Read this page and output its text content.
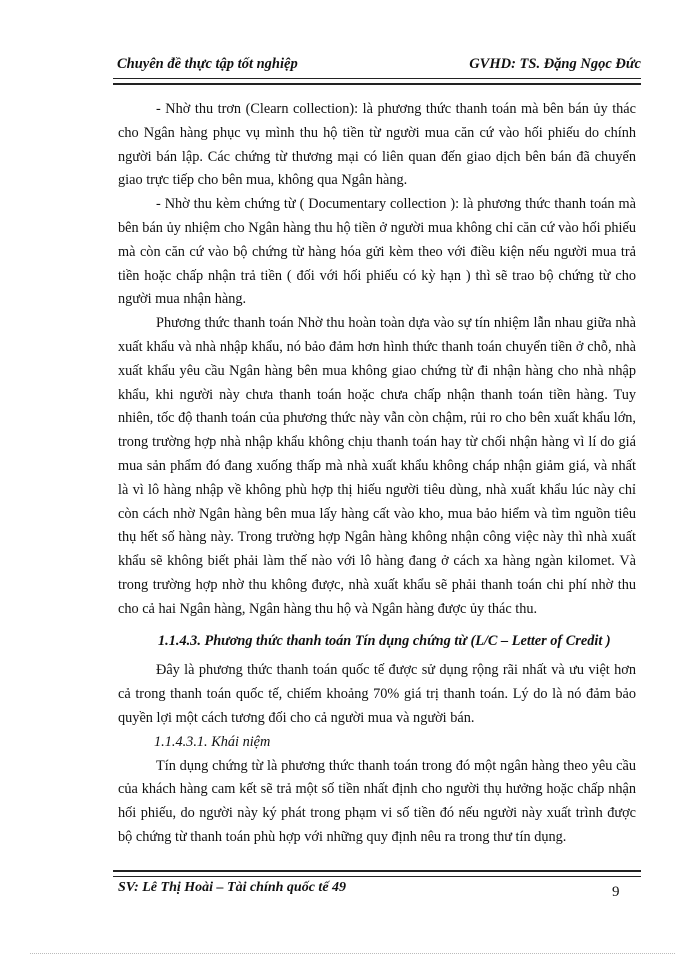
Chuyên đề thực tập tốt nghiệp	GVHD: TS. Đặng Ngọc Đức

- Nhờ thu trơn (Clearn collection): là phương thức thanh toán mà bên bán ủy thác cho Ngân hàng phục vụ mình thu hộ tiền từ người mua căn cứ vào hối phiếu do chính người bán lập. Các chứng từ thương mại có liên quan đến giao dịch bên bán đã chuyển giao trực tiếp cho bên mua, không qua Ngân hàng.

- Nhờ thu kèm chứng từ ( Documentary collection ): là phương thức thanh toán mà bên bán ủy nhiệm cho Ngân hàng thu hộ tiền ở người mua không chỉ căn cứ vào hối phiếu mà còn căn cứ vào bộ chứng từ hàng hóa gửi kèm theo với điều kiện nếu người mua trả tiền hoặc chấp nhận trả tiền ( đối với hối phiếu có kỳ hạn ) thì sẽ trao bộ chứng từ cho người mua nhận hàng.

Phương thức thanh toán Nhờ thu hoàn toàn dựa vào sự tín nhiệm lẫn nhau giữa nhà xuất khẩu và nhà nhập khẩu, nó bảo đảm hơn hình thức thanh toán chuyển tiền ở chỗ, nhà xuất khẩu yêu cầu Ngân hàng bên mua không giao chứng từ đi nhận hàng cho nhà nhập khẩu, khi người này chưa thanh toán hoặc chưa chấp nhận thanh toán tiền hàng. Tuy nhiên, tốc độ thanh toán của phương thức này vẫn còn chậm, rủi ro cho bên xuất khẩu lớn, trong trường hợp nhà nhập khẩu không chịu thanh toán hay từ chối nhận hàng vì lí do giá mua sản phẩm đó đang xuống thấp mà nhà xuất khẩu không cháp nhận giảm giá, và nhất là vì lô hàng nhập về không phù hợp thị hiếu người tiêu dùng, nhà xuất khẩu lúc này chỉ còn cách nhờ Ngân hàng bên mua lấy hàng cất vào kho, mua bảo hiểm và tìm nguồn tiêu thụ hết số hàng này. Trong trường hợp Ngân hàng không nhận công việc này thì nhà xuất khẩu sẽ không biết phải làm thế nào với lô hàng đang ở cách xa hàng ngàn kilomet. Và trong trường hợp nhờ thu không được, nhà xuất khẩu sẽ phải thanh toán chi phí nhờ thu cho cả hai Ngân hàng, Ngân hàng thu hộ và Ngân hàng được ủy thác thu.

1.1.4.3. Phương thức thanh toán Tín dụng chứng từ (L/C – Letter of Credit )

Đây là phương thức thanh toán quốc tế được sử dụng rộng rãi nhất và ưu việt hơn cả trong thanh toán quốc tế, chiếm khoảng 70% giá trị thanh toán. Lý do là nó đảm bảo quyền lợi một cách tương đối cho cả người mua và người bán.

1.1.4.3.1. Khái niệm

Tín dụng chứng từ là phương thức thanh toán trong đó một ngân hàng theo yêu cầu của khách hàng cam kết sẽ trả một số tiền nhất định cho người thụ hưởng hoặc chấp nhận hối phiếu, do người này ký phát trong phạm vi số tiền đó nếu người này xuất trình được bộ chứng từ thanh toán phù hợp với những quy định nêu ra trong thư tín dụng.

SV: Lê Thị Hoài – Tài chính quốc tế 49	9
